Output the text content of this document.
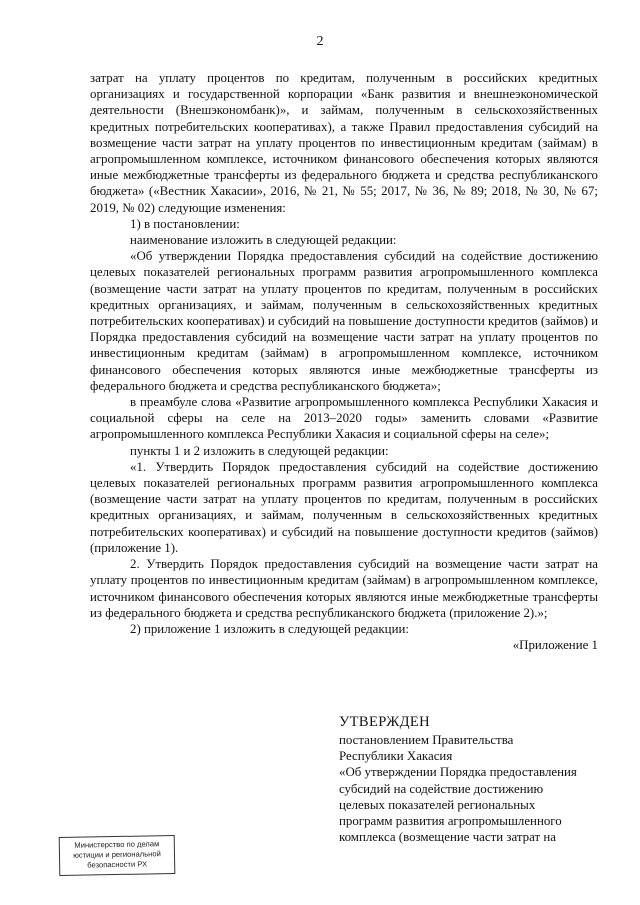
2

затрат на уплату процентов по кредитам, полученным в российских кредитных организациях и государственной корпорации «Банк развития и внешнеэкономической деятельности (Внешэкономбанк)», и займам, полученным в сельскохозяйственных кредитных потребительских кооперативах), а также Правил предоставления субсидий на возмещение части затрат на уплату процентов по инвестиционным кредитам (займам) в агропромышленном комплексе, источником финансового обеспечения которых являются иные межбюджетные трансферты из федерального бюджета и средства республиканского бюджета» («Вестник Хакасии», 2016, № 21, № 55; 2017, № 36, № 89; 2018, № 30, № 67; 2019, № 02) следующие изменения:

1) в постановлении:

наименование изложить в следующей редакции:

«Об утверждении Порядка предоставления субсидий на содействие достижению целевых показателей региональных программ развития агропромышленного комплекса (возмещение части затрат на уплату процентов по кредитам, полученным в российских кредитных организациях, и займам, полученным в сельскохозяйственных кредитных потребительских кооперативах) и субсидий на повышение доступности кредитов (займов) и Порядка предоставления субсидий на возмещение части затрат на уплату процентов по инвестиционным кредитам (займам) в агропромышленном комплексе, источником финансового обеспечения которых являются иные межбюджетные трансферты из федерального бюджета и средства республиканского бюджета»;

в преамбуле слова «Развитие агропромышленного комплекса Республики Хакасия и социальной сферы на селе на 2013–2020 годы» заменить словами «Развитие агропромышленного комплекса Республики Хакасия и социальной сферы на селе»;

пункты 1 и 2 изложить в следующей редакции:

«1. Утвердить Порядок предоставления субсидий на содействие достижению целевых показателей региональных программ развития агропромышленного комплекса (возмещение части затрат на уплату процентов по кредитам, полученным в российских кредитных организациях, и займам, полученным в сельскохозяйственных кредитных потребительских кооперативах) и субсидий на повышение доступности кредитов (займов) (приложение 1).

2. Утвердить Порядок предоставления субсидий на возмещение части затрат на уплату процентов по инвестиционным кредитам (займам) в агропромышленном комплексе, источником финансового обеспечения которых являются иные межбюджетные трансферты из федерального бюджета и средства республиканского бюджета (приложение 2).»;

2) приложение 1 изложить в следующей редакции:

«Приложение 1

УТВЕРЖДЕН

постановлением Правительства

Республики Хакасия

«Об утверждении Порядка предоставления

субсидий на содействие достижению

целевых показателей региональных

программ развития агропромышленного

комплекса (возмещение части затрат на

Министерство по делам
юстиции и региональной
безопасности РХ
